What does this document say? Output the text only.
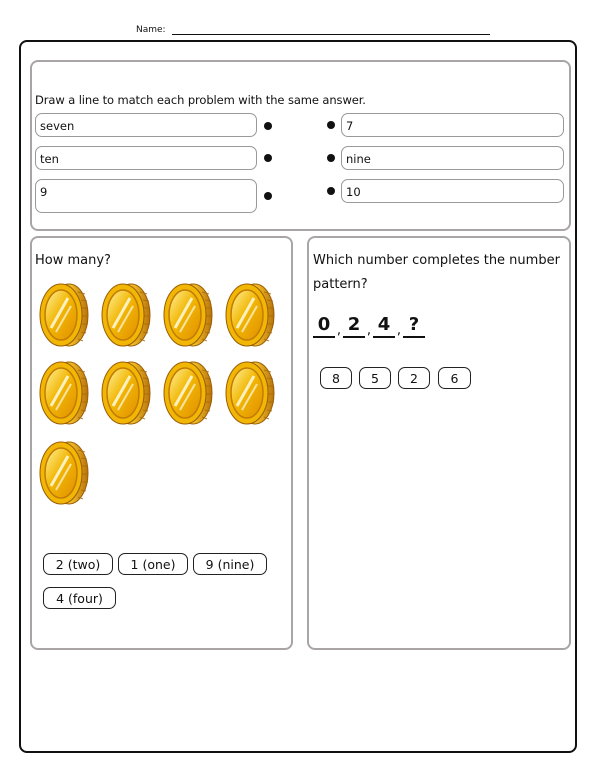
Name:
Draw a line to match each problem with the same answer.
seven
ten
9
7
nine
10
How many?
2 (two)	1 (one)	9 (nine)
4 (four)
Which number completes the number
pattern?
0 , 2 , 4 , ?
8	5	2	6
